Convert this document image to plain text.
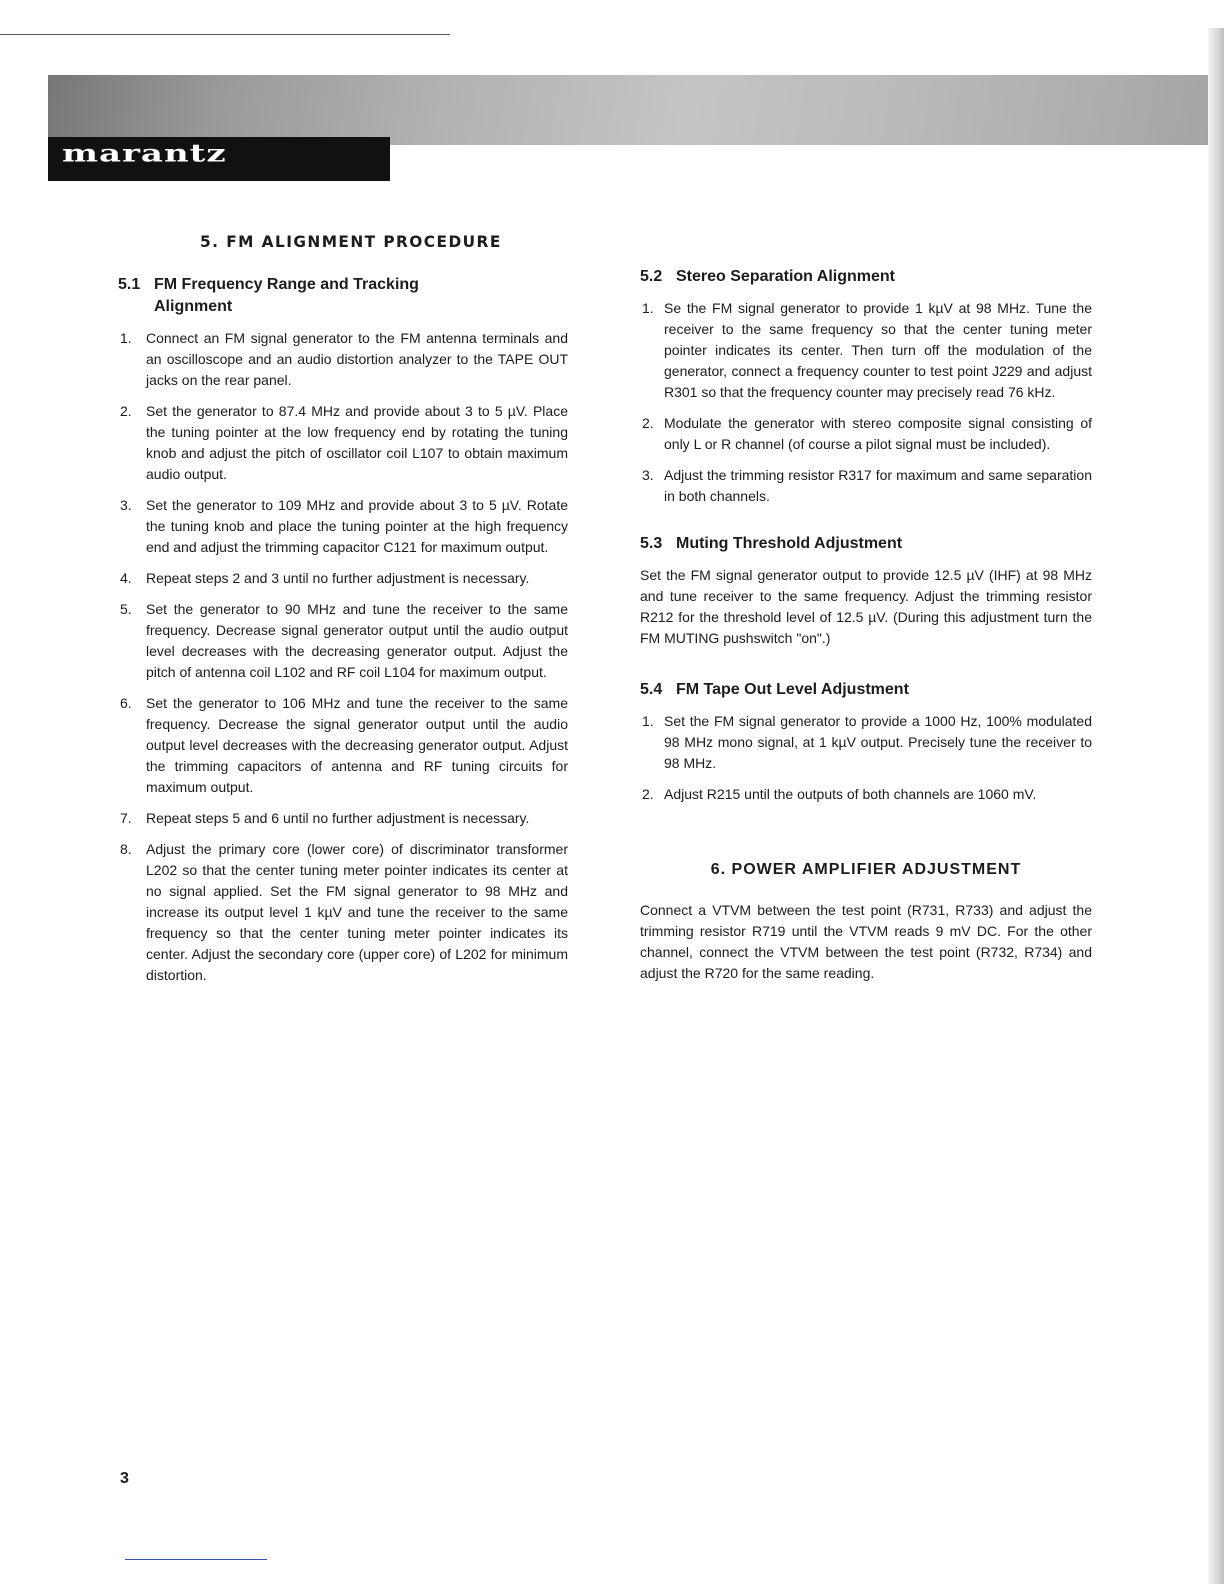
marantz
5. FM ALIGNMENT PROCEDURE
5.1 FM Frequency Range and Tracking
Alignment
1. Connect an FM signal generator to the FM antenna terminals and an oscilloscope and an audio distortion analyzer to the TAPE OUT jacks on the rear panel.
2. Set the generator to 87.4 MHz and provide about 3 to 5 µV. Place the tuning pointer at the low frequency end by rotating the tuning knob and adjust the pitch of oscillator coil L107 to obtain maximum audio output.
3. Set the generator to 109 MHz and provide about 3 to 5 µV. Rotate the tuning knob and place the tuning pointer at the high frequency end and adjust the trimming capacitor C121 for maximum output.
4. Repeat steps 2 and 3 until no further adjustment is necessary.
5. Set the generator to 90 MHz and tune the receiver to the same frequency. Decrease signal generator output until the audio output level decreases with the decreasing generator output. Adjust the pitch of antenna coil L102 and RF coil L104 for maximum output.
6. Set the generator to 106 MHz and tune the receiver to the same frequency. Decrease the signal generator output until the audio output level decreases with the decreasing generator output. Adjust the trimming capacitors of antenna and RF tuning circuits for maximum output.
7. Repeat steps 5 and 6 until no further adjustment is necessary.
8. Adjust the primary core (lower core) of discriminator transformer L202 so that the center tuning meter pointer indicates its center at no signal applied. Set the FM signal generator to 98 MHz and increase its output level 1 kµV and tune the receiver to the same frequency so that the center tuning meter pointer indicates its center. Adjust the secondary core (upper core) of L202 for minimum distortion.
5.2 Stereo Separation Alignment
1. Se the FM signal generator to provide 1 kµV at 98 MHz. Tune the receiver to the same frequency so that the center tuning meter pointer indicates its center. Then turn off the modulation of the generator, connect a frequency counter to test point J229 and adjust R301 so that the frequency counter may precisely read 76 kHz.
2. Modulate the generator with stereo composite signal consisting of only L or R channel (of course a pilot signal must be included).
3. Adjust the trimming resistor R317 for maximum and same separation in both channels.
5.3 Muting Threshold Adjustment

Set the FM signal generator output to provide 12.5 µV (IHF) at 98 MHz and tune receiver to the same frequency. Adjust the trimming resistor R212 for the threshold level of 12.5 µV. (During this adjustment turn the FM MUTING pushswitch "on".)

5.4 FM Tape Out Level Adjustment
1. Set the FM signal generator to provide a 1000 Hz, 100% modulated 98 MHz mono signal, at 1 kµV output. Precisely tune the receiver to 98 MHz.
2. Adjust R215 until the outputs of both channels are 1060 mV.
6. POWER AMPLIFIER ADJUSTMENT

Connect a VTVM between the test point (R731, R733) and adjust the trimming resistor R719 until the VTVM reads 9 mV DC. For the other channel, connect the VTVM between the test point (R732, R734) and adjust the R720 for the same reading.

3
